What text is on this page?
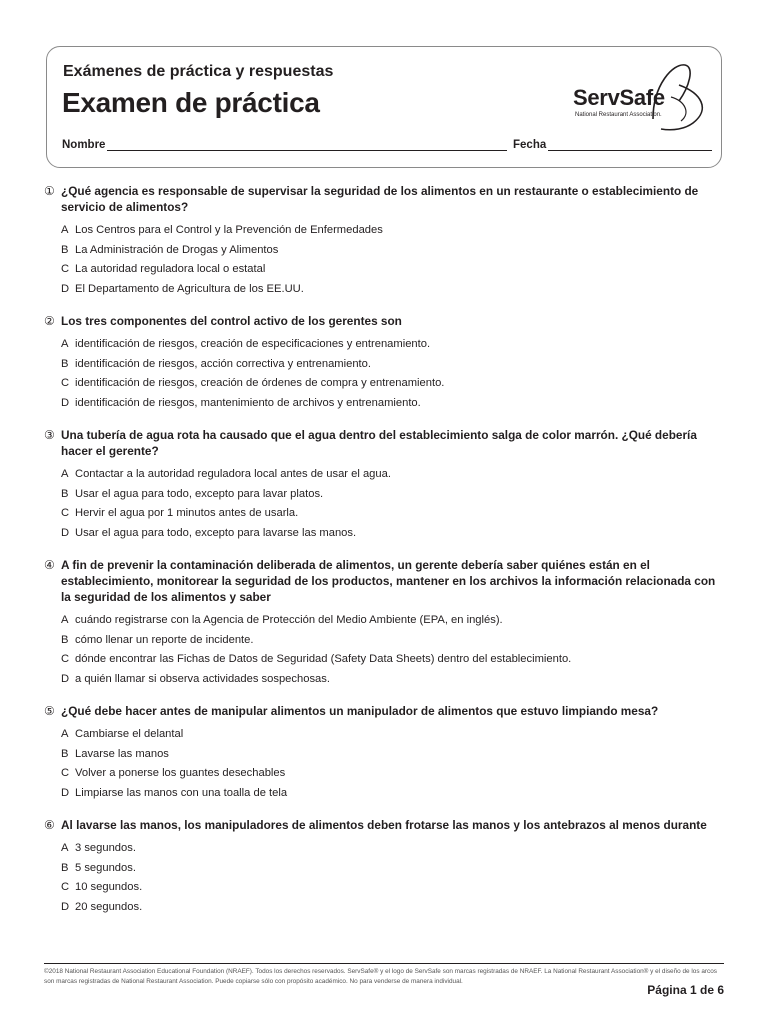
Exámenes de práctica y respuestas
Examen de práctica	ServSafe
National Restaurant Association.
Nombre	Fecha
① ¿Qué agencia es responsable de supervisar la seguridad de los alimentos en un restaurante o establecimiento de servicio de alimentos?
A Los Centros para el Control y la Prevención de Enfermedades
B La Administración de Drogas y Alimentos
C La autoridad reguladora local o estatal
D El Departamento de Agricultura de los EE.UU.
② Los tres componentes del control activo de los gerentes son
A identificación de riesgos, creación de especificaciones y entrenamiento.
B identificación de riesgos, acción correctiva y entrenamiento.
C identificación de riesgos, creación de órdenes de compra y entrenamiento.
D identificación de riesgos, mantenimiento de archivos y entrenamiento.
③ Una tubería de agua rota ha causado que el agua dentro del establecimiento salga de color marrón. ¿Qué debería hacer el gerente?
A Contactar a la autoridad reguladora local antes de usar el agua.
B Usar el agua para todo, excepto para lavar platos.
C Hervir el agua por 1 minutos antes de usarla.
D Usar el agua para todo, excepto para lavarse las manos.
④ A fin de prevenir la contaminación deliberada de alimentos, un gerente debería saber quiénes están en el establecimiento, monitorear la seguridad de los productos, mantener en los archivos la información relacionada con la seguridad de los alimentos y saber
A cuándo registrarse con la Agencia de Protección del Medio Ambiente (EPA, en inglés).
B cómo llenar un reporte de incidente.
C dónde encontrar las Fichas de Datos de Seguridad (Safety Data Sheets) dentro del establecimiento.
D a quién llamar si observa actividades sospechosas.
⑤ ¿Qué debe hacer antes de manipular alimentos un manipulador de alimentos que estuvo limpiando mesa?
A Cambiarse el delantal
B Lavarse las manos
C Volver a ponerse los guantes desechables
D Limpiarse las manos con una toalla de tela
⑥ Al lavarse las manos, los manipuladores de alimentos deben frotarse las manos y los antebrazos al menos durante
A 3 segundos.
B 5 segundos.
C 10 segundos.
D 20 segundos.
©2018 National Restaurant Association Educational Foundation (NRAEF). Todos los derechos reservados. ServSafe® y el logo de ServSafe son marcas registradas de NRAEF. La National Restaurant Association® y el diseño de los arcos son marcas registradas de National Restaurant Association. Puede copiarse sólo con propósito académico. No para venderse de manera individual.
Página 1 de 6
